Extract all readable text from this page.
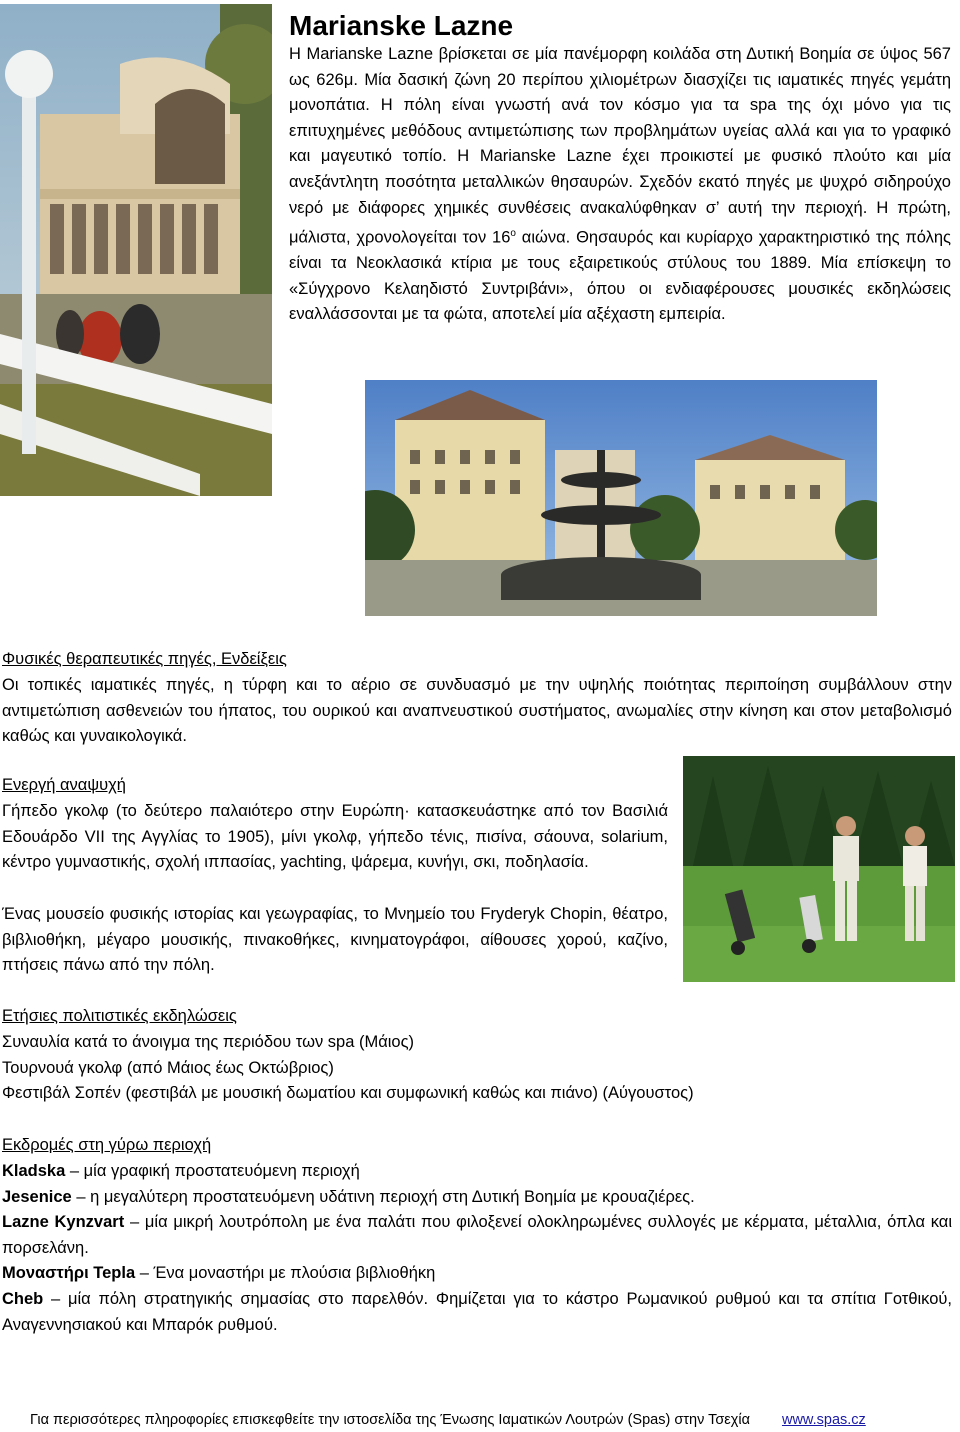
Marianske Lazne

Η Marianske Lazne βρίσκεται σε μία πανέμορφη κοιλάδα στη Δυτική Βοημία σε ύψος 567 ως 626μ. Μία δασική ζώνη 20 περίπου χιλιομέτρων διασχίζει τις ιαματικές πηγές γεμάτη μονοπάτια. Η πόλη είναι γνωστή ανά τον κόσμο για τα spa της όχι μόνο για τις επιτυχημένες μεθόδους αντιμετώπισης των προβλημάτων υγείας αλλά και για το γραφικό και μαγευτικό τοπίο. Η Marianske Lazne έχει προικιστεί με φυσικό πλούτο και μία ανεξάντλητη ποσότητα μεταλλικών θησαυρών. Σχεδόν εκατό πηγές με ψυχρό σιδηρούχο νερό με διάφορες χημικές συνθέσεις ανακαλύφθηκαν σ’ αυτή την περιοχή. Η πρώτη, μάλιστα, χρονολογείται τον $16^o$ αιώνα. Θησαυρός και κυρίαρχο χαρακτηριστικό της πόλης είναι τα Νεοκλασικά κτίρια με τους εξαιρετικούς στύλους του 1889. Μία επίσκεψη το «Σύγχρονο Κελαηδιστό Συντριβάνι», όπου οι ενδιαφέρουσες μουσικές εκδηλώσεις εναλλάσσονται με τα φώτα, αποτελεί μία αξέχαστη εμπειρία.

Φυσικές θεραπευτικές πηγές, Ενδείξεις

Οι τοπικές ιαματικές πηγές, η τύρφη και το αέριο σε συνδυασμό με την υψηλής ποιότητας περιποίηση συμβάλλουν στην αντιμετώπιση ασθενειών του ήπατος, του ουρικού και αναπνευστικού συστήματος, ανωμαλίες στην κίνηση και στον μεταβολισμό καθώς και γυναικολογικά.

Ενεργή αναψυχή

Γήπεδο γκολφ (το δεύτερο παλαιότερο στην Ευρώπη· κατασκευάστηκε από τον Βασιλιά Εδουάρδο VII της Αγγλίας το 1905), μίνι γκολφ, γήπεδο τένις, πισίνα, σάουνα, solarium, κέντρο γυμναστικής, σχολή ιππασίας, yachting, ψάρεμα, κυνήγι, σκι, ποδηλασία.

Ένας μουσείο φυσικής ιστορίας και γεωγραφίας, το Μνημείο του Fryderyk Chopin, θέατρο, βιβλιοθήκη, μέγαρο μουσικής, πινακοθήκες, κινηματογράφοι, αίθουσες χορού, καζίνο, πτήσεις πάνω από την πόλη.

Ετήσιες πολιτιστικές εκδηλώσεις

Συναυλία κατά το άνοιγμα της περιόδου των spa (Μάιος)
Τουρνουά γκολφ (από Μάιος έως Οκτώβριος)
Φεστιβάλ Σοπέν (φεστιβάλ με μουσική δωματίου και συμφωνική καθώς και πιάνο) (Αύγουστος)

Εκδρομές στη γύρω περιοχή

Kladska – μία γραφική προστατευόμενη περιοχή
Jesenice – η μεγαλύτερη προστατευόμενη υδάτινη περιοχή στη Δυτική Βοημία με κρουαζιέρες.
Lazne Kynzvart – μία μικρή λουτρόπολη με ένα παλάτι που φιλοξενεί ολοκληρωμένες συλλογές με κέρματα, μέταλλια, όπλα και πορσελάνη.
Μοναστήρι Tepla – Ένα μοναστήρι με πλούσια βιβλιοθήκη
Cheb – μία πόλη στρατηγικής σημασίας στο παρελθόν. Φημίζεται για το κάστρο Ρωμανικού ρυθμού και τα σπίτια Γοτθικού, Αναγεννησιακού και Μπαρόκ ρυθμού.
Για περισσότερες πληροφορίες επισκεφθείτε την ιστοσελίδα της Ένωσης Ιαματικών Λουτρών (Spas) στην Τσεχία www.spas.cz
